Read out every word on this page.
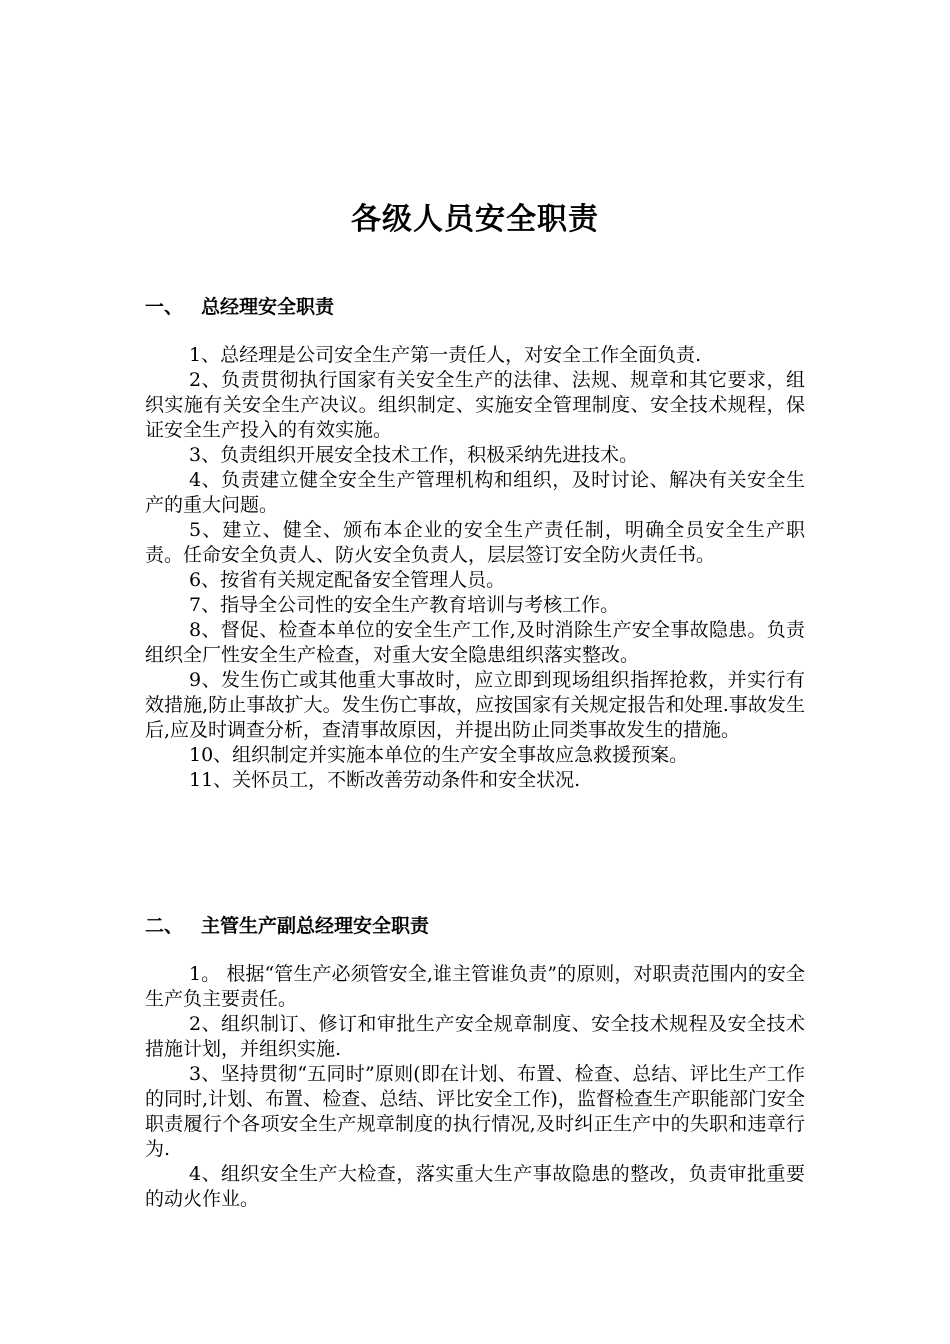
各级人员安全职责
一、 总经理安全职责

1、总经理是公司安全生产第一责任人，对安全工作全面负责.

2、负责贯彻执行国家有关安全生产的法律、法规、规章和其它要求，组织实施有关安全生产决议。组织制定、实施安全管理制度、安全技术规程，保证安全生产投入的有效实施。

3、负责组织开展安全技术工作，积极采纳先进技术。

4、负责建立健全安全生产管理机构和组织，及时讨论、解决有关安全生产的重大问题。

5、建立、健全、颁布本企业的安全生产责任制，明确全员安全生产职责。任命安全负责人、防火安全负责人，层层签订安全防火责任书。

6、按省有关规定配备安全管理人员。

7、指导全公司性的安全生产教育培训与考核工作。

8、督促、检查本单位的安全生产工作,及时消除生产安全事故隐患。负责组织全厂性安全生产检查，对重大安全隐患组织落实整改。

9、发生伤亡或其他重大事故时，应立即到现场组织指挥抢救，并实行有效措施,防止事故扩大。发生伤亡事故，应按国家有关规定报告和处理.事故发生后,应及时调查分析，查清事故原因，并提出防止同类事故发生的措施。

10、组织制定并实施本单位的生产安全事故应急救援预案。

11、关怀员工，不断改善劳动条件和安全状况.

二、 主管生产副总经理安全职责

1。 根据“管生产必须管安全,谁主管谁负责”的原则，对职责范围内的安全生产负主要责任。

2、组织制订、修订和审批生产安全规章制度、安全技术规程及安全技术措施计划，并组织实施.

3、坚持贯彻“五同时”原则(即在计划、布置、检查、总结、评比生产工作的同时,计划、布置、检查、总结、评比安全工作)，监督检查生产职能部门安全职责履行个各项安全生产规章制度的执行情况,及时纠正生产中的失职和违章行为.

4、组织安全生产大检查，落实重大生产事故隐患的整改，负责审批重要的动火作业。
